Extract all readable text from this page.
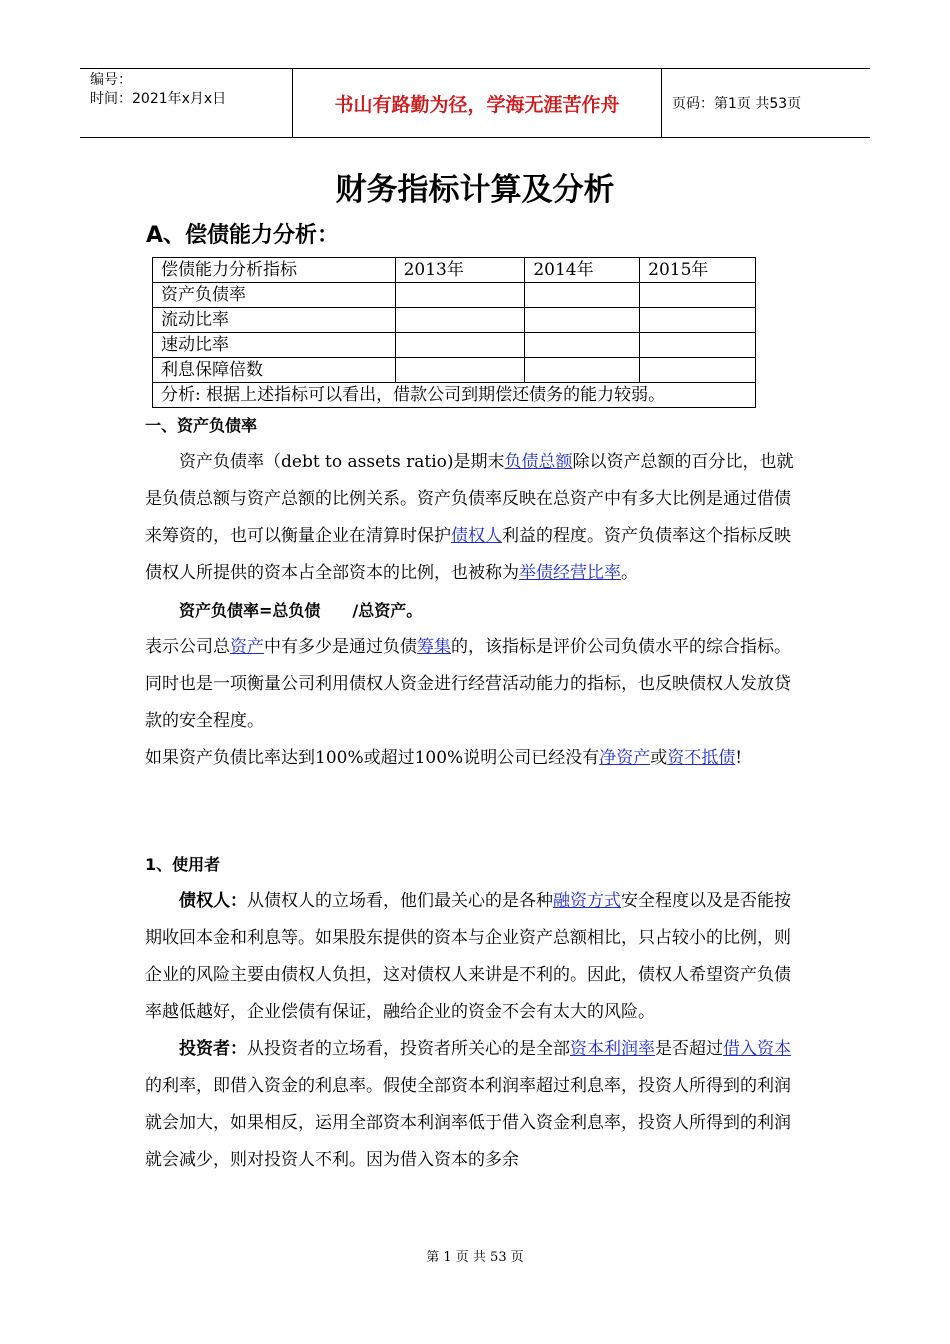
编号：
时间：2021年x月x日	书山有路勤为径，学海无涯苦作舟	页码：第1页 共53页
财务指标计算及分析
A、偿债能力分析：
偿债能力分析指标	2013年	2014年	2015年
资产负债率			
流动比率			
速动比率			
利息保障倍数			
分析: 根据上述指标可以看出，借款公司到期偿还债务的能力较弱。			
一、资产负债率
资产负债率（debt to assets ratio)是期末负债总额除以资产总额的百分比，也就是负债总额与资产总额的比例关系。资产负债率反映在总资产中有多大比例是通过借债来筹资的，也可以衡量企业在清算时保护债权人利益的程度。资产负债率这个指标反映债权人所提供的资本占全部资本的比例，也被称为举债经营比率。
资产负债率=总负债　　/总资产。
表示公司总资产中有多少是通过负债筹集的，该指标是评价公司负债水平的综合指标。同时也是一项衡量公司利用债权人资金进行经营活动能力的指标，也反映债权人发放贷款的安全程度。
如果资产负债比率达到100%或超过100%说明公司已经没有净资产或资不抵债!
1、使用者
债权人：从债权人的立场看，他们最关心的是各种融资方式安全程度以及是否能按期收回本金和利息等。如果股东提供的资本与企业资产总额相比，只占较小的比例，则企业的风险主要由债权人负担，这对债权人来讲是不利的。因此，债权人希望资产负债率越低越好，企业偿债有保证，融给企业的资金不会有太大的风险。
投资者：从投资者的立场看，投资者所关心的是全部资本利润率是否超过借入资本的利率，即借入资金的利息率。假使全部资本利润率超过利息率，投资人所得到的利润就会加大，如果相反，运用全部资本利润率低于借入资金利息率，投资人所得到的利润就会减少，则对投资人不利。因为借入资本的多余
第 1 页 共 53 页
